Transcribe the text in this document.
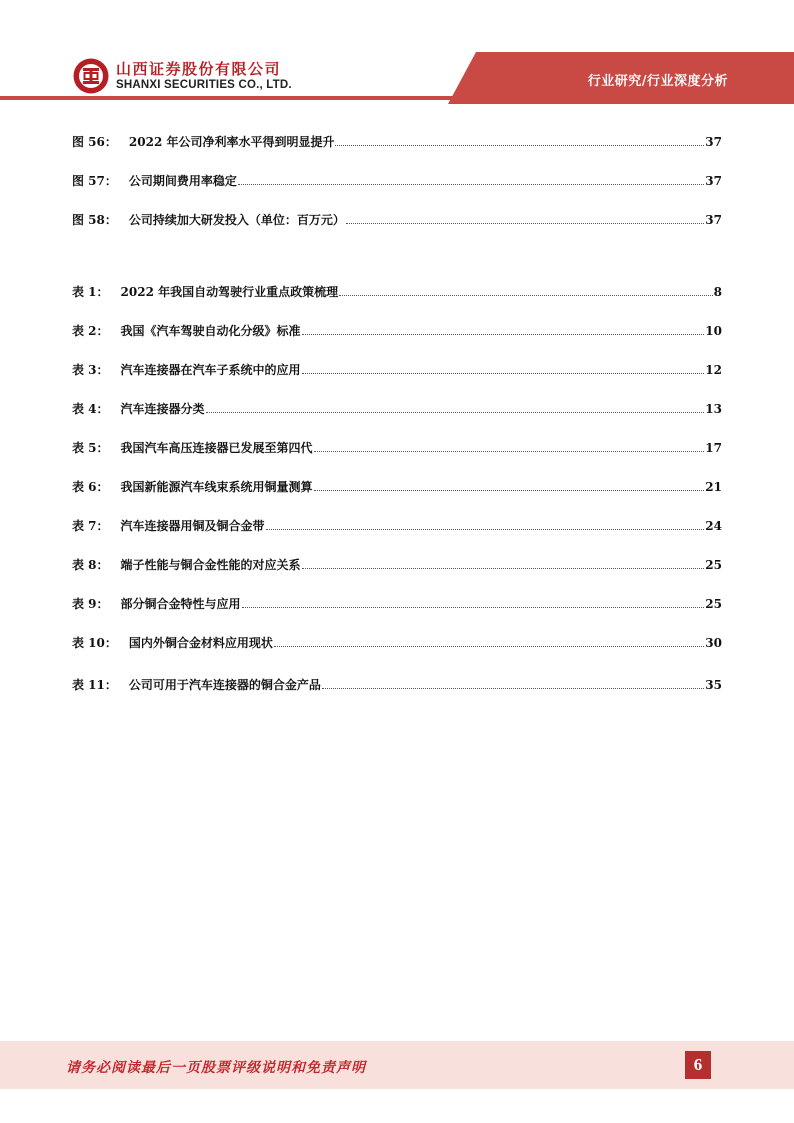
山西证券股份有限公司
SHANXI SECURITIES CO., LTD.	行业研究/行业深度分析
图 56：	2022 年公司净利率水平得到明显提升	37
图 57：	公司期间费用率稳定	37
图 58：	公司持续加大研发投入（单位：百万元）	37
表 1：	2022 年我国自动驾驶行业重点政策梳理	8
表 2：	我国《汽车驾驶自动化分级》标准	10
表 3：	汽车连接器在汽车子系统中的应用	12
表 4：	汽车连接器分类	13
表 5：	我国汽车高压连接器已发展至第四代	17
表 6：	我国新能源汽车线束系统用铜量测算	21
表 7：	汽车连接器用铜及铜合金带	24
表 8：	端子性能与铜合金性能的对应关系	25
表 9：	部分铜合金特性与应用	25
表 10：	国内外铜合金材料应用现状	30
表 11：	公司可用于汽车连接器的铜合金产品	35
请务必阅读最后一页股票评级说明和免责声明	6
